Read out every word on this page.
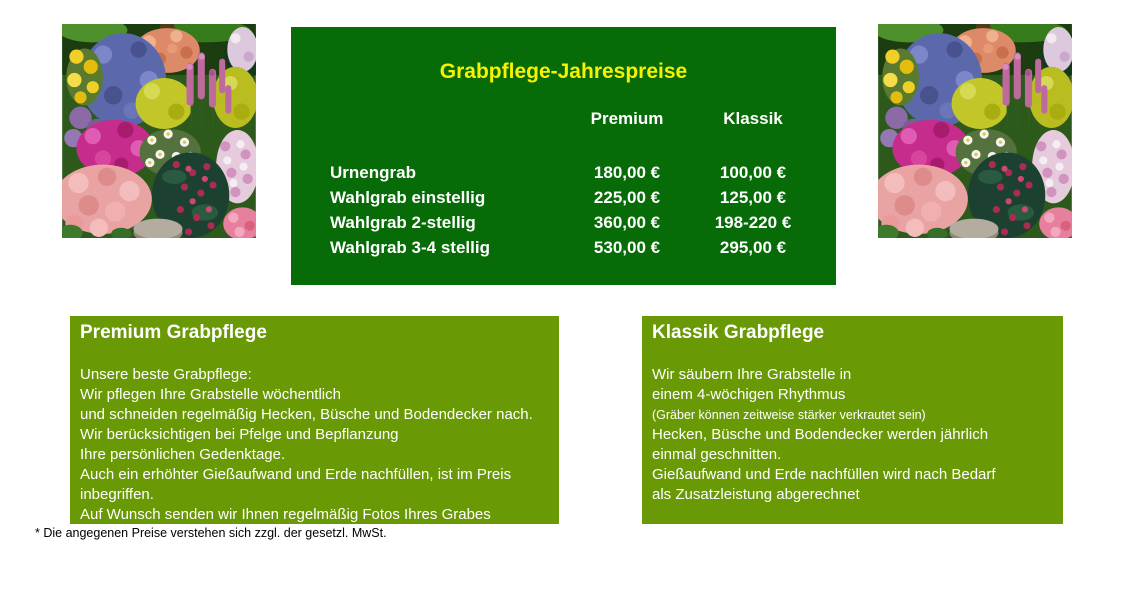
Grabpflege-Jahrespreise
Premium	Klassik
Urnengrab	180,00 €	100,00 €
Wahlgrab einstellig	225,00 €	125,00 €
Wahlgrab 2-stellig	360,00 €	198-220 €
Wahlgrab 3-4 stellig	530,00 €	295,00 €
Premium Grabpflege
Unsere beste Grabpflege:
Wir pflegen Ihre Grabstelle wöchentlich
und schneiden regelmäßig Hecken, Büsche und Bodendecker nach.
Wir berücksichtigen bei Pfelge und Bepflanzung
Ihre persönlichen Gedenktage.
Auch ein erhöhter Gießaufwand und Erde nachfüllen, ist im Preis
inbegriffen.
Auf Wunsch senden wir Ihnen regelmäßig Fotos Ihres Grabes
Klassik Grabpflege
Wir säubern Ihre Grabstelle in
einem 4-wöchigen Rhythmus
(Gräber können zeitweise stärker verkrautet sein)
Hecken, Büsche und Bodendecker werden jährlich
einmal geschnitten.
Gießaufwand und Erde nachfüllen wird nach Bedarf
als Zusatzleistung abgerechnet
* Die angegenen Preise verstehen sich zzgl. der gesetzl. MwSt.
